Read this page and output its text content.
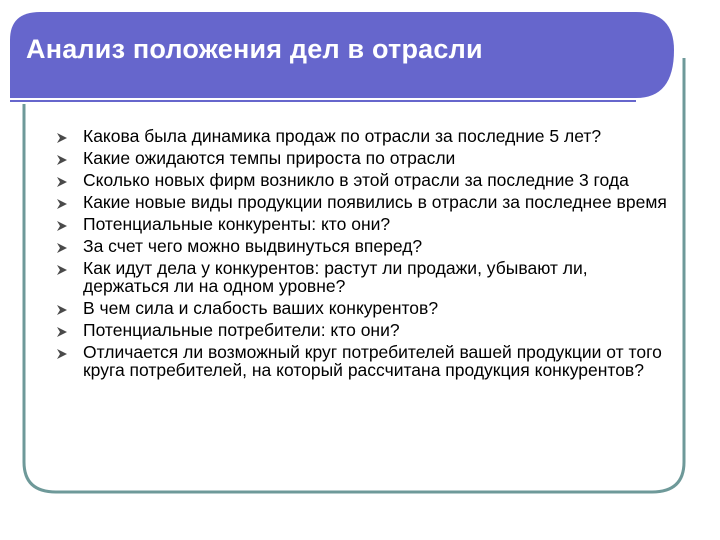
Анализ положения дел в отрасли
Какова была динамика продаж по отрасли за последние 5 лет?
Какие ожидаются темпы прироста по отрасли
Сколько новых фирм возникло в этой отрасли за последние 3 года
Какие новые виды продукции появились в отрасли за последнее время
Потенциальные конкуренты: кто они?
За счет чего можно выдвинуться вперед?
Как идут дела у конкурентов: растут ли продажи, убывают ли, держаться ли на одном уровне?
В чем сила и слабость ваших конкурентов?
Потенциальные потребители: кто они?
Отличается ли возможный круг потребителей вашей продукции от того круга потребителей, на который рассчитана продукция конкурентов?
